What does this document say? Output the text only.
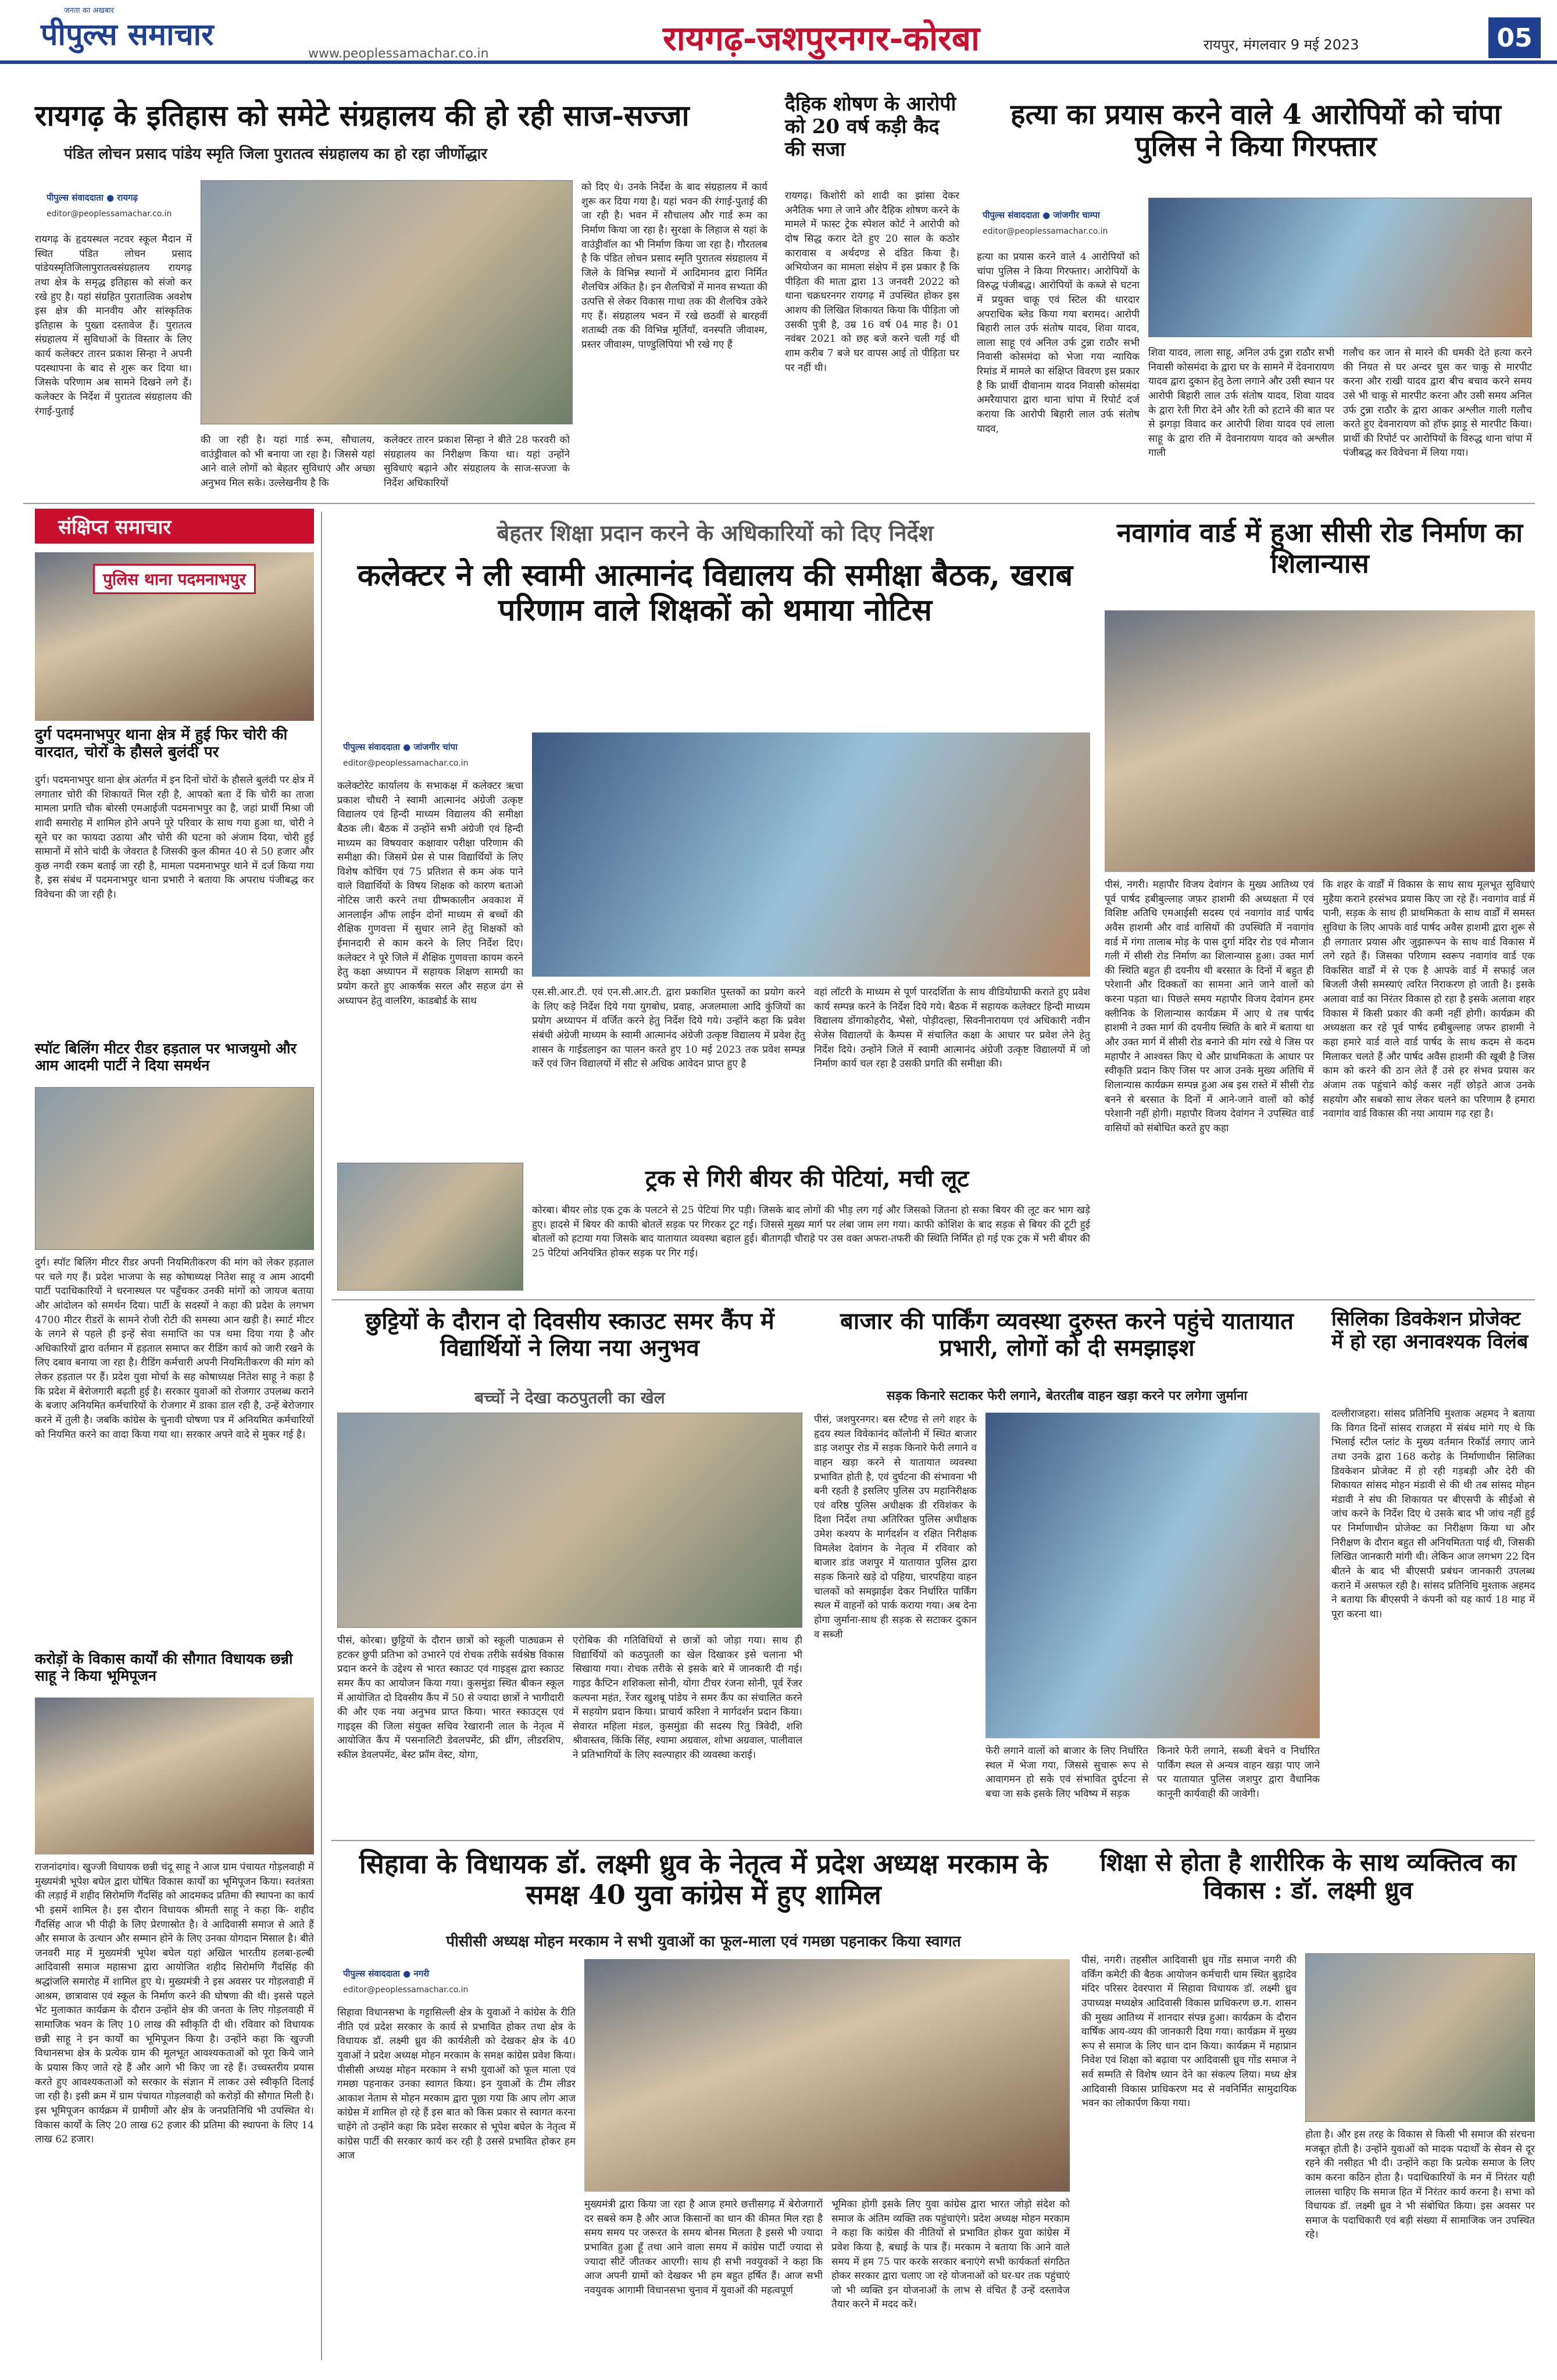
जनता का अखबार
पीपुल्स समाचार
www.peoplessamachar.co.in	रायगढ़-जशपुरनगर-कोरबा	रायपुर, मंगलवार 9 मई 2023	05
रायगढ़ के इतिहास को समेटे संग्रहालय की हो रही साज-सज्जा
पंडित लोचन प्रसाद पांडेय स्मृति जिला पुरातत्व संग्रहालय का हो रहा जीर्णोद्धार
पीपुल्स संवाददाता ● रायगढ़
editor@peoplessamachar.co.in
रायगढ़ के हृदयस्थल नटवर स्कूल मैदान में स्थित पंडित लोचन प्रसाद पांडेयस्मृतिजिलापुरातत्वसंग्रहालय रायगढ़ तथा क्षेत्र के समृद्ध इतिहास को संजो कर रखे हुए है। यहां संग्रहित पुरातात्विक अवशेष इस क्षेत्र की मानवीय और सांस्कृतिक इतिहास के पुख्ता दस्तावेज हैं। पुरातत्व संग्रहालय में सुविधाओं के विस्तार के लिए कार्य कलेक्टर तारन प्रकाश सिन्हा ने अपनी पदस्थापना के बाद से शुरू कर दिया था। जिसके परिणाम अब सामने दिखने लगे हैं। कलेक्टर के निर्देश में पुरातत्व संग्रहालय की रंगाई-पुताई
की जा रही है। यहां गार्ड रूम, सौचालय, वाउंड्रीवाल को भी बनाया जा रहा है। जिससे यहां आने वाले लोगों को बेहतर सुविधाएं और अच्छा अनुभव मिल सके। उल्लेखनीय है कि
कलेक्टर तारन प्रकाश सिन्हा ने बीते 28 फरवरी को संग्रहालय का निरीक्षण किया था। यहां उन्होंने सुविधाएं बढ़ाने और संग्रहालय के साज-सज्जा के निर्देश अधिकारियों
को दिए थे। उनके निर्देश के बाद संग्रहालय में कार्य शुरू कर दिया गया है। यहां भवन की रंगाई-पुताई की जा रही है। भवन में सौचालय और गार्ड रूम का निर्माण किया जा रहा है। सुरक्षा के लिहाज से यहां के वाउंड्रीवॉल का भी निर्माण किया जा रहा है। गौरतलब है कि पंडित लोचन प्रसाद स्मृति पुरातत्व संग्रहालय में जिले के विभिन्न स्थानों में आदिमानव द्वारा निर्मित शैलचित्र अंकित है। इन शैलचित्रों में मानव सभ्यता की उत्पत्ति से लेकर विकास गाथा तक की शैलचित्र उकेरे गए हैं। संग्रहालय भवन में रखे छठवीं से बारहवीं शताब्दी तक की विभिन्न मूर्तियाँ, वनस्पति जीवाश्म, प्रस्तर जीवाश्म, पाण्डुलिपियां भी रखे गए हैं
दैहिक शोषण के आरोपी को 20 वर्ष कड़ी कैद की सजा
रायगढ़। किशोरी को शादी का झांसा देकर अनैतिक भगा ले जाने और दैहिक शोषण करने के मामले में फास्ट ट्रेक स्पेशल कोर्ट ने आरोपी को दोष सिद्ध करार देते हुए 20 साल के कठोर कारावास व अर्थदण्ड से दंडित किया है। अभियोजन का मामला संक्षेप में इस प्रकार है कि पीड़िता की माता द्वारा 13 जनवरी 2022 को थाना चक्रधरनगर रायगढ़ में उपस्थित होकर इस आशय की लिखित शिकायत किया कि पीड़िता जो उसकी पुत्री है, उम्र 16 वर्ष 04 माह है। 01 नवंबर 2021 को छह बजे करने चली गई थी शाम करीब 7 बजे घर वापस आई तो पीड़िता घर पर नहीं थी।
हत्या का प्रयास करने वाले 4 आरोपियों को चांपा पुलिस ने किया गिरफ्तार
पीपुल्स संवाददाता ● जांजगीर चाम्पा
editor@peoplessamachar.co.in
हत्या का प्रयास करने वाले 4 आरोपियों को चांपा पुलिस ने किया गिरफ्तार। आरोपियों के विरुद्ध पंजीबद्ध। आरोपियों के कब्जे से घटना में प्रयुक्त चाकू एवं स्टिल की धारदार अपराधिक ब्लेड किया गया बरामद। आरोपी बिहारी लाल उर्फ संतोष यादव, शिवा यादव, लाला साहू एवं अनिल उर्फ टुन्ना राठौर सभी निवासी कोसमंदा को भेजा गया न्यायिक रिमांड में मामले का संक्षिप्त विवरण इस प्रकार है कि प्रार्थी दीवानाम यादव निवासी कोसमंदा अमरैयापारा द्वारा थाना चांपा में रिपोर्ट दर्ज कराया कि आरोपी बिहारी लाल उर्फ संतोष यादव,
शिवा यादव, लाला साहू, अनिल उर्फ टुन्ना राठौर सभी निवासी कोसमंदा के द्वारा घर के सामने में देवनारायण यादव द्वारा दुकान हेतु ठेला लगाने और उसी स्थान पर आरोपी बिहारी लाल उर्फ संतोष यादव, शिवा यादव के द्वारा रेती गिरा देने और रेती को हटाने की बात पर से झगड़ा विवाद कर आरोपी शिवा यादव एवं लाला साहू के द्वारा रति में देवनारायण यादव को अश्लील गाली
गलौच कर जान से मारने की धमकी देते हत्या करने की नियत से घर अन्दर घुस कर चाकू से मारपीट करना और राखी यादव द्वारा बीच बचाव करने समय उसे भी चाकू से मारपीट करना और उसी समय अनिल उर्फ टुन्ना राठौर के द्वारा आकर अश्लील गाली गलौच करते हुए देवनारायण को हॉफ झाड़ू से मारपीट किया। प्रार्थी की रिपोर्ट पर आरोपियों के विरुद्ध थाना चांपा में पंजीबद्ध कर विवेचना में लिया गया।
संक्षिप्त समाचार
पुलिस थाना पदमनाभपुर
दुर्ग पदमनाभपुर थाना क्षेत्र में हुई फिर चोरी की वारदात, चोरों के हौसले बुलंदी पर
दुर्ग। पदमनाभपुर थाना क्षेत्र अंतर्गत में इन दिनों चोरों के हौसले बुलंदी पर क्षेत्र में लगातार चोरी की शिकायतें मिल रही है, आपको बता दें कि चोरी का ताजा मामला प्रगति चौक बोरसी एमआईजी पदमनाभपुर का है, जहां प्रार्थी मिश्रा जी शादी समारोह में शामिल होने अपने पूरे परिवार के साथ गया हुआ था, चोरी ने सूने घर का फायदा उठाया और चोरी की घटना को अंजाम दिया, चोरी हुई सामानों में सोने चांदी के जेवरात है जिसकी कुल कीमत 40 से 50 हजार और कुछ नगदी रकम बताई जा रही है, मामला पदमनाभपुर थाने में दर्ज किया गया है, इस संबंध में पदमनाभपुर थाना प्रभारी ने बताया कि अपराध पंजीबद्ध कर विवेचना की जा रही है।
स्पॉट बिलिंग मीटर रीडर हड़ताल पर भाजयुमो और आम आदमी पार्टी ने दिया समर्थन
दुर्ग। स्पॉट बिलिंग मीटर रीडर अपनी नियमितीकरण की मांग को लेकर हड़ताल पर चले गए हैं। प्रदेश भाजपा के सह कोषाध्यक्ष नितेश साहू व आम आदमी पार्टी पदाधिकारियों ने धरनास्थल पर पहुँचकर उनकी मांगों को जायज बताया और आंदोलन को समर्थन दिया। पार्टी के सदस्यों ने कहा की प्रदेश के लगभग 4700 मीटर रीडरों के सामने रोजी रोटी की समस्या आन खड़ी है। स्मार्ट मीटर के लगने से पहले ही इन्हें सेवा समाप्ति का पत्र थमा दिया गया है और अधिकारियों द्वारा वर्तमान में हड़ताल समाप्त कर रीडिंग कार्य को जारी रखने के लिए दबाव बनाया जा रहा है। रीडिंग कर्मचारी अपनी नियमितीकरण की मांग को लेकर हड़ताल पर हैं। प्रदेश युवा मोर्चा के सह कोषाध्यक्ष नितेश साहू ने कहा है कि प्रदेश में बेरोजगारी बढ़ती हुई है। सरकार युवाओं को रोजगार उपलब्ध कराने के बजाए अनियमित कर्मचारियों के रोजगार में डाका डाल रही है, उन्हें बेरोजगार करने में तुली है। जबकि कांग्रेस के चुनावी घोषणा पत्र में अनियमित कर्मचारियों को नियमित करने का वादा किया गया था। सरकार अपने वादे से मुकर गई है।
करोड़ों के विकास कार्यों की सौगात विधायक छन्नी साहू ने किया भूमिपूजन
राजनांदगांव। खुज्जी विधायक छन्नी चंदू साहू ने आज ग्राम पंचायत गोड़लवाही में मुख्यमंत्री भूपेश बघेल द्वारा घोषित विकास कार्यों का भूमिपूजन किया। स्वतंत्रता की लड़ाई में शहीद सिरोमणि गैंदसिंह को आदमकद प्रतिमा की स्थापना का कार्य भी इसमें शामिल है। इस दौरान विधायक श्रीमती साहू ने कहा कि- शहीद गैंदसिंह आज भी पीढ़ी के लिए प्रेरणास्रोत है। वे आदिवासी समाज से आते हैं और समाज के उत्थान और सम्मान होने के लिए उनका योगदान मिसाल है। बीते जनवरी माह में मुख्यमंत्री भूपेश बघेल यहां अखिल भारतीय हलबा-हल्बी आदिवासी समाज महासभा द्वारा आयोजित शहीद सिरोमणि गैंदसिंह की श्रद्धांजलि समारोह में शामिल हुए थे। मुख्यमंत्री ने इस अवसर पर गोड़लवाही में आश्रम, छात्रावास एवं स्कूल के निर्माण करने की घोषणा की थी। इससे पहले भेंट मुलाकात कार्यक्रम के दौरान उन्होंने क्षेत्र की जनता के लिए गोड़लवाही में सामाजिक भवन के लिए 10 लाख की स्वीकृति दी थी। रविवार को विधायक छन्नी साहू ने इन कार्यों का भूमिपूजन किया है। उन्होंने कहा कि खुज्जी विधानसभा क्षेत्र के प्रत्येक ग्राम की मूलभूत आवश्यकताओं को पूरा किये जाने के प्रयास किए जाते रहे हैं और आगे भी किए जा रहे हैं। उच्चस्तरीय प्रयास करते हुए आवश्यकताओं को सरकार के संज्ञान में लाकर उसे स्वीकृति दिलाई जा रही है। इसी क्रम में ग्राम पंचायत गोड़लवाही को करोड़ों की सौगात मिली है। इस भूमिपूजन कार्यक्रम में ग्रामीणों और क्षेत्र के जनप्रतिनिधि भी उपस्थित थे। विकास कार्यों के लिए 20 लाख 62 हजार की प्रतिमा की स्थापना के लिए 14 लाख 62 हजार।
बेहतर शिक्षा प्रदान करने के अधिकारियों को दिए निर्देश
कलेक्टर ने ली स्वामी आत्मानंद विद्यालय की समीक्षा बैठक, खराब परिणाम वाले शिक्षकों को थमाया नोटिस
पीपुल्स संवाददाता ● जांजगीर चांपा
editor@peoplessamachar.co.in
कलेक्टोरेट कार्यालय के सभाकक्ष में कलेक्टर ऋचा प्रकाश चौधरी ने स्वामी आत्मानंद अंग्रेजी उत्कृष्ट विद्यालय एवं हिन्दी माध्यम विद्यालय की समीक्षा बैठक ली। बैठक में उन्होंने सभी अंग्रेजी एवं हिन्दी माध्यम का विषयवार कक्षावार परीक्षा परिणाम की समीक्षा की। जिसमें प्रेस से पास विद्यार्थियों के लिए विशेष कोचिंग एवं 75 प्रतिशत से कम अंक पाने वाले विद्यार्थियों के विषय शिक्षक को कारण बताओ नोटिस जारी करने तथा ग्रीष्मकालीन अवकाश में आनलाईन ऑफ लाईन दोनों माध्यम से बच्चों की शैक्षिक गुणवत्ता में सुधार लाने हेतु शिक्षकों को ईमानदारी से काम करने के लिए निर्देश दिए। कलेक्टर ने पूरे जिले में शैक्षिक गुणवत्ता कायम करने हेतु कक्षा अध्यापन में सहायक शिक्षण सामग्री का प्रयोग करते हुए आकर्षक सरल और सहज ढंग से अध्यापन हेतु वालरिग, काडबोर्ड के साथ
एस.सी.आर.टी. एवं एन.सी.आर.टी. द्वारा प्रकाशित पुस्तकों का प्रयोग करने के लिए कड़े निर्देश दिये गया युगबोध, प्रवाह, अजलमाला आदि कुंजियों का प्रयोग अध्यापन में वर्जित करने हेतु निर्देश दिये गये। उन्होंने कहा कि प्रवेश संबंधी अंग्रेजी माध्यम के स्वामी आत्मानंद अंग्रेजी उत्कृष्ट विद्यालय में प्रवेश हेतु शासन के गाईडलाइन का पालन करते हुए 10 मई 2023 तक प्रवेश सम्पन्न करें एवं जिन विद्यालयों में सीट से अधिक आवेदन प्राप्त हुए है
वहां लॉटरी के माध्यम से पूर्ण पारदर्शिता के साथ वीडियोग्राफी कराते हुए प्रवेश कार्य सम्पन्न करने के निर्देश दिये गये। बैठक में सहायक कलेक्टर हिन्दी माध्यम विद्यालय डोंगाकोहरौद, भैसो, पोड़ीदल्हा, सिवनीनारायण एवं अधिकारी नवीन सेजेस विद्यालयों के कैम्पस में संचालित कक्षा के आधार पर प्रवेश लेने हेतु निर्देश दिये। उन्होंने जिले में स्वामी आत्मानंद अंग्रेजी उत्कृष्ट विद्यालयों में जो निर्माण कार्य चल रहा है उसकी प्रगति की समीक्षा की।
ट्रक से गिरी बीयर की पेटियां, मची लूट
कोरबा। बीयर लोड एक ट्रक के पलटने से 25 पेटियां गिर पड़ी। जिसके बाद लोगों की भीड़ लग गई और जिसको जितना हो सका बियर की लूट कर भाग खड़े हुए। हादसे में बियर की काफी बोतलें सड़क पर गिरकर टूट गई। जिससे मुख्य मार्ग पर लंबा जाम लग गया। काफी कोशिश के बाद सड़क से बियर की टूटी हुई बोतलों को हटाया गया जिसके बाद यातायात व्यवस्था बहाल हुई। बीतागढ़ी चौराहे पर उस वक्त अफरा-तफरी की स्थिति निर्मित हो गई एक ट्रक में भरी बीयर की 25 पेटियां अनियंत्रित होकर सड़क पर गिर गई।
नवागांव वार्ड में हुआ सीसी रोड निर्माण का शिलान्यास
पीसं, नगरी। महापौर विजय देवांगन के मुख्य आतिथ्य एवं पूर्व पार्षद हबीबुल्लाह जफ़र हाशमी की अध्यक्षता में एवं विशिष्ट अतिथि एमआईसी सदस्य एवं नवागांव वार्ड पार्षद अवैस हाशमी और वार्ड वासियों की उपस्थिति में नवागांव वार्ड में गंगा तालाब मोड़ के पास दुर्गा मंदिर रोड एवं मौजान गली में सीसी रोड निर्माण का शिलान्यास हुआ। उक्त मार्ग की स्थिति बहुत ही दयनीय थी बरसात के दिनों में बहुत ही परेशानी और दिक्कतों का सामना आने जाने वालों को करना पड़ता था। पिछले समय महापौर विजय देवांगन हमर क्लीनिक के शिलान्यास कार्यक्रम में आए थे तब पार्षद हाशमी ने उक्त मार्ग की दयनीय स्थिति के बारे में बताया था और उक्त मार्ग में सीसी रोड बनाने की मांग रखे थे जिस पर महापौर ने आश्वस्त किए थे और प्राथमिकता के आधार पर स्वीकृति प्रदान किए जिस पर आज उनके मुख्य अतिथि में शिलान्यास कार्यक्रम सम्पन्न हुआ अब इस रास्ते में सीसी रोड बनने से बरसात के दिनों में आने-जाने वालों को कोई परेशानी नहीं होगी। महापौर विजय देवांगन ने उपस्थित वार्ड वासियों को संबोधित करते हुए कहा
कि शहर के वार्डों में विकास के साथ साथ मूलभूत सुविधाएं मुहैया कराने हरसंभव प्रयास किए जा रहे हैं। नवागांव वार्ड में पानी, सड़क के साथ ही प्राथमिकता के साथ वार्डों में समस्त सुविधा के लिए आपके वार्ड पार्षद अवैस हाशमी द्वारा शुरू से ही लगातार प्रयास और जुझारूपन के साथ वार्ड विकास में लगे रहते हैं। जिसका परिणाम स्वरूप नवागांव वार्ड एक विकसित वार्डों में से एक है आपके वार्ड में सफाई जल बिजली जैसी समस्याएं त्वरित निराकरण हो जाती है। इसके अलावा वार्ड का निरंतर विकास हो रहा है इसके अलावा शहर विकास में किसी प्रकार की कमी नहीं होगी। कार्यक्रम की अध्यक्षता कर रहे पूर्व पार्षद हबीबुल्लाह जफर हाशमी ने कहा हमारे वार्ड वाले वार्ड पार्षद के साथ कदम से कदम मिलाकर चलते हैं और पार्षद अवैस हाशमी की खूबी है जिस काम को करने की ठान लेते हैं उसे हर संभव प्रयास कर अंजाम तक पहुंचाने कोई कसर नहीं छोड़ते आज उनके सहयोग और सबको साथ लेकर चलने का परिणाम है हमारा नवागांव वार्ड विकास की नया आयाम गढ़ रहा है।
छुट्टियों के दौरान दो दिवसीय स्काउट समर कैंप में विद्यार्थियों ने लिया नया अनुभव
बच्चों ने देखा कठपुतली का खेल
पीसं, कोरबा। छुट्टियों के दौरान छात्रों को स्कूली पाठ्यक्रम से हटकर छुपी प्रतिभा को उभारने एवं रोचक तरीके सर्वश्रेष्ठ विकास प्रदान करने के उद्देश्य से भारत स्काउट एवं गाइड्स द्वारा स्काउट समर कैंप का आयोजन किया गया। कुसमुंडा स्थित बीकन स्कूल में आयोजित दो दिवसीय कैंप में 50 से ज्यादा छात्रों ने भागीदारी की और एक नया अनुभव प्राप्त किया। भारत स्काउट्स एवं गाइड्स की जिला संयुक्त सचिव रेखारानी लाल के नेतृत्व में आयोजित कैंप में पसनालिटी डेवलपमेंट, फ्री थ्रींग, लीडरशिप, स्कील डेवलपमेंट, बेस्ट फ्रॉम वेस्ट, योगा,
एरोबिक की गतिविधियों से छात्रों को जोड़ा गया। साथ ही विद्यार्थियों को कठपुतली का खेल दिखाकर इसे चलाना भी सिखाया गया। रोचक तरीके से इसके बारे में जानकारी दी गई। गाइड कैप्टिन शशिकला सोनी, योगा टीचर रंजना सोनी, पूर्व रेंजर कल्पना महंत, रेंजर खुशबू पांडेय ने समर कैंप का संचालित करने में सहयोग प्रदान किया। प्राचार्य करिशा ने मार्गदर्शन प्रदान किया। सेवारत महिला मंडल, कुसमुंडा की सदस्य रितु त्रिवेदी, शशि श्रीवास्तव, किंकि सिंह, श्यामा अग्रवाल, शोभा अग्रवाल, पालीवाल ने प्रतिभागियों के लिए स्वल्पाहार की व्यवस्था कराई।
बाजार की पार्किंग व्यवस्था दुरुस्त करने पहुंचे यातायात प्रभारी, लोगों को दी समझाइश
सड़क किनारे सटाकर फेरी लगाने, बेतरतीब वाहन खड़ा करने पर लगेगा जुर्माना
पीसं, जशपुरनगर। बस स्टैण्ड से लगे शहर के हृदय स्थल विवेकानंद कॉलोनी में स्थित बाजार डाड़ जशपुर रोड में सड़क किनारे फेरी लगाने व वाहन खड़ा करने से यातायात व्यवस्था प्रभावित होती है, एवं दुर्घटना की संभावना भी बनी रहती है इसलिए पुलिस उप महानिरीक्षक एवं वरिष्ठ पुलिस अधीक्षक डी रविशंकर के दिशा निर्देश तथा अतिरिक्त पुलिस अधीक्षक उमेश कश्यप के मार्गदर्शन व रक्षित निरीक्षक विमलेश देवांगन के नेतृत्व में रविवार को बाजार डांड जशपुर में यातायात पुलिस द्वारा सड़क किनारे खड़े दो पहिया, चारपहिया वाहन चालकों को समझाईश देकर निर्धारित पार्किंग स्थल में वाहनों को पार्क कराया गया। अब देना होगा जुर्माना-साथ ही सड़क से सटाकर दुकान व सब्जी
फेरी लगाने वालों को बाजार के लिए निर्धारित स्थल में भेजा गया, जिससे सुचारू रूप से आवागमन हो सके एवं संभावित दुर्घटना से बचा जा सके इसके लिए भविष्य में सड़क
किनारे फेरी लगाने, सब्जी बेचने व निर्धारित पार्किंग स्थल से अन्यत्र वाहन खड़ा पाए जाने पर यातायात पुलिस जशपुर द्वारा वैधानिक कानूनी कार्यवाही की जावेगी।
सिलिका डिवकेशन प्रोजेक्ट में हो रहा अनावश्यक विलंब
दल्लीराजहरा। सांसद प्रतिनिधि मुश्ताक अहमद ने बताया कि विगत दिनों सांसद राजहरा में संबंध मांगे गए थे कि भिलाई स्टील प्लांट के मुख्य वर्तमान रिकॉर्ड लगाए जाने तथा उनके द्वारा 168 करोड़ के निर्माणाधीन सिलिका डिवकेशन प्रोजेक्ट में हो रही गड़बड़ी और देरी की शिकायत सांसद मोहन मंडावी से की थी तब सांसद मोहन मंडावी ने संघ की शिकायत पर बीएसपी के सीईओ से जांच करने के निर्देश दिए थे उसके बाद भी जांच नहीं हुई पर निर्माणाधीन प्रोजेक्ट का निरीक्षण किया था और निरीक्षण के दौरान बहुत सी अनियमितता पाई थी, जिसकी लिखित जानकारी मांगी थी। लेकिन आज लगभग 22 दिन बीतने के बाद भी बीएसपी प्रबंधन जानकारी उपलब्ध कराने में असफल रही है। सांसद प्रतिनिधि मुश्ताक अहमद ने बताया कि बीएसपी ने कंपनी को यह कार्य 18 माह में पूरा करना था।
सिहावा के विधायक डॉ. लक्ष्मी ध्रुव के नेतृत्व में प्रदेश अध्यक्ष मरकाम के समक्ष 40 युवा कांग्रेस में हुए शामिल
पीसीसी अध्यक्ष मोहन मरकाम ने सभी युवाओं का फूल-माला एवं गमछा पहनाकर किया स्वागत
पीपुल्स संवाददाता ● नगरी
editor@peoplessamachar.co.in
सिहावा विधानसभा के गट्टासिल्ली क्षेत्र के युवाओं ने कांग्रेस के रीति नीति एवं प्रदेश सरकार के कार्य से प्रभावित होकर तथा क्षेत्र के विधायक डॉ. लक्ष्मी ध्रुव की कार्यशैली को देखकर क्षेत्र के 40 युवाओं ने प्रदेश अध्यक्ष मोहन मरकाम के समक्ष कांग्रेस प्रवेश किया। पीसीसी अध्यक्ष मोहन मरकाम ने सभी युवाओं को फूल माला एवं गमछा पहनाकर उनका स्वागत किया। इन युवाओं के टीम लीडर आकाश नेताम से मोहन मरकाम द्वारा पूछा गया कि आप लोग आज कांग्रेस में शामिल हो रहे हैं इस बात को किस प्रकार से स्वागत करना चाहेंगे तो उन्होंने कहा कि प्रदेश सरकार से भूपेश बघेल के नेतृत्व में कांग्रेस पार्टी की सरकार कार्य कर रही है उससे प्रभावित होकर हम आज
मुख्यमंत्री द्वारा किया जा रहा है आज हमारे छत्तीसगढ़ में बेरोजगारों दर सबसे कम है और आज किसानों का धान की कीमत मिल रहा है समय समय पर जरूरत के समय बोनस मिलता है इससे भी ज्यादा प्रभावित हुआ हूँ तथा आने वाला समय में कांग्रेस पार्टी ज्यादा से ज्यादा सीटें जीतकर आएगी। साथ ही सभी नवयुवकों ने कहा कि आज अपनी ग्रामों को देखकर भी हम बहुत हर्षित हैं। आज सभी नवयुवक आगामी विधानसभा चुनाव में युवाओं की महत्वपूर्ण
भूमिका होगी इसके लिए युवा कांग्रेस द्वारा भारत जोड़ो संदेश को समाज के अंतिम व्यक्ति तक पहुंचाएंगे। प्रदेश अध्यक्ष मोहन मरकाम ने कहा कि कांग्रेस की नीतियों से प्रभावित होकर युवा कांग्रेस में प्रवेश किया है, बधाई के पात्र हैं। मरकाम ने बताया कि आने वाले समय में हम 75 पार करके सरकार बनाएंगे सभी कार्यकर्ता संगठित होकर सरकार द्वारा चलाए जा रहे योजनाओं को घर-घर तक पहुंचाएं जो भी व्यक्ति इन योजनाओं के लाभ से वंचित हैं उन्हें दस्तावेज तैयार करने में मदद करें।
शिक्षा से होता है शारीरिक के साथ व्यक्तित्व का विकास : डॉ. लक्ष्मी ध्रुव
पीसं, नगरी। तहसील आदिवासी ध्रुव गोंड समाज नगरी की वर्किंग कमेटी की बैठक आयोजन कर्मचारी धाम स्थित बुड़ादेव मंदिर परिसर देवरपारा में सिहावा विधायक डॉ. लक्ष्मी ध्रुव उपाध्यक्ष मध्यक्षेत्र आदिवासी विकास प्राधिकरण छ.ग. शासन की मुख्य आतिथ्य में शानदार संपन्न हुआ। कार्यक्रम के दौरान वार्षिक आय-व्यय की जानकारी दिया गया। कार्यक्रम में मुख्य रूप से समाज के लिए धान दान किया। कार्यक्रम में महाप्रान निवेश एवं शिक्षा को बढ़ावा पर आदिवासी ध्रुव गोंड समाज ने सर्व सम्मति से विशेष ध्यान देने का संकल्प लिया। मध्य क्षेत्र आदिवासी विकास प्राधिकरण मद से नवनिर्मित सामुदायिक भवन का लोकार्पण किया गया।
होता है। और इस तरह के विकास से किसी भी समाज की संरचना मजबूत होती है। उन्होंने युवाओं को मादक पदार्थों के सेवन से दूर रहने की नसीहत भी दी। उन्होंने कहा कि प्रत्येक समाज के लिए काम करना कठिन होता है। पदाधिकारियों के मन में निरंतर यही लालसा चाहिए कि समाज हित में निरंतर कार्य करना है। सभा को विधायक डॉ. लक्ष्मी ध्रुव ने भी संबोधित किया। इस अवसर पर समाज के पदाधिकारी एवं बड़ी संख्या में सामाजिक जन उपस्थित रहे।
